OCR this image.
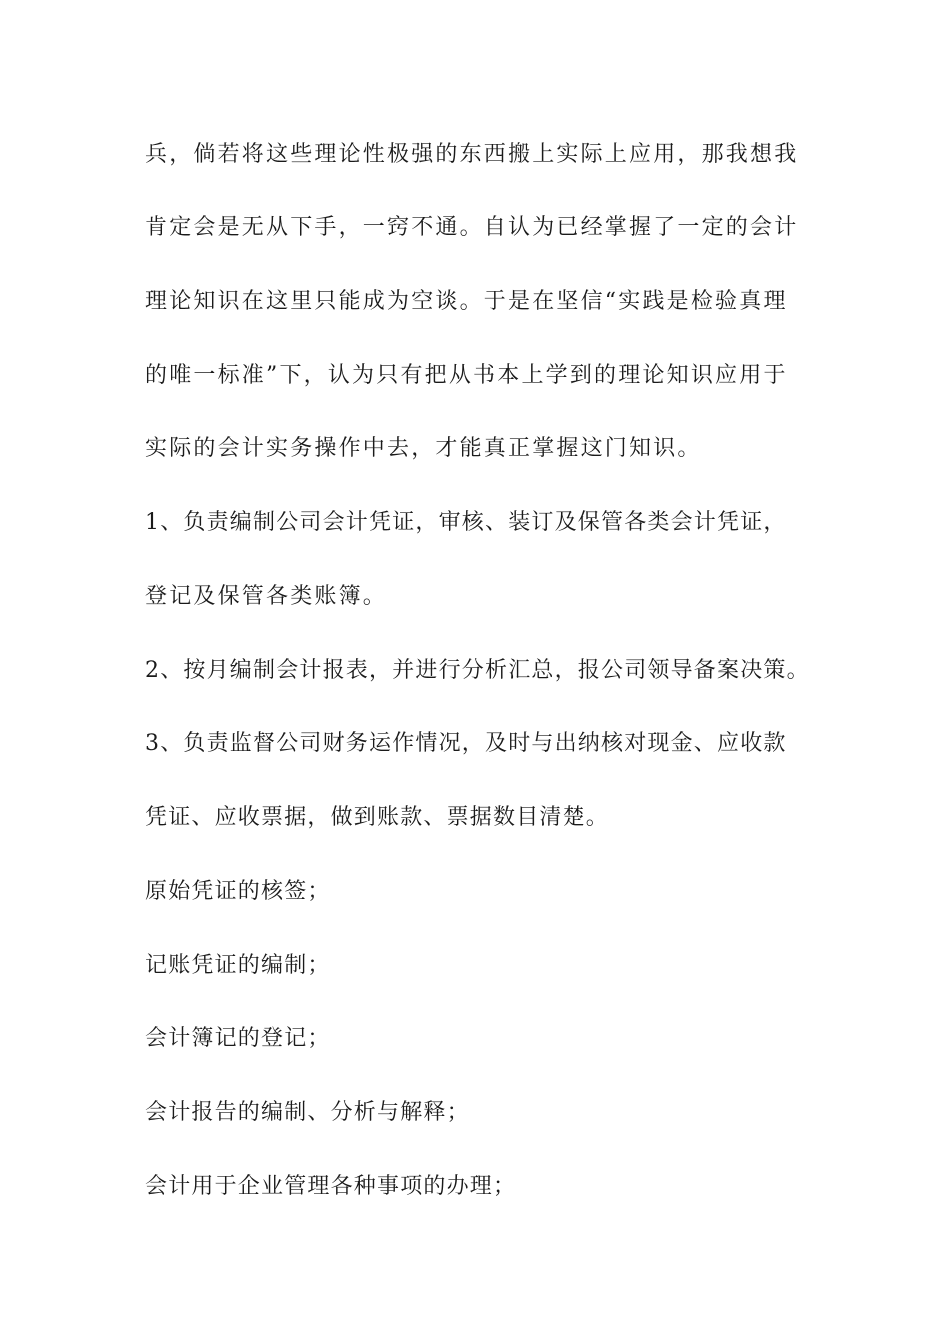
兵，倘若将这些理论性极强的东西搬上实际上应用，那我想我
肯定会是无从下手，一窍不通。自认为已经掌握了一定的会计
理论知识在这里只能成为空谈。于是在坚信“实践是检验真理
的唯一标准”下，认为只有把从书本上学到的理论知识应用于
实际的会计实务操作中去，才能真正掌握这门知识。
1、负责编制公司会计凭证，审核、装订及保管各类会计凭证，
登记及保管各类账簿。
2、按月编制会计报表，并进行分析汇总，报公司领导备案决策。
3、负责监督公司财务运作情况，及时与出纳核对现金、应收款
凭证、应收票据，做到账款、票据数目清楚。
原始凭证的核签；
记账凭证的编制；
会计簿记的登记；
会计报告的编制、分析与解释；
会计用于企业管理各种事项的办理；
